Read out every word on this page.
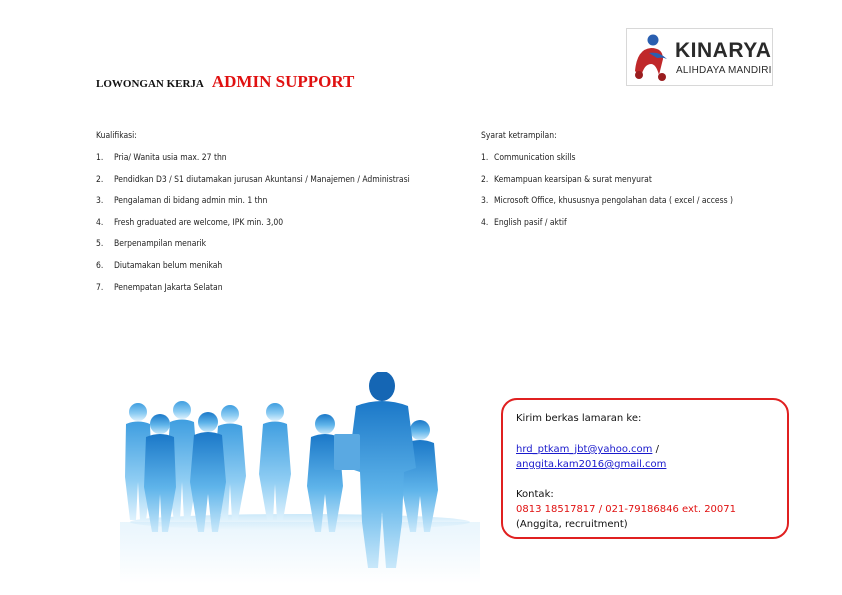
KINARYA
ALIHDAYA MANDIRI
LOWONGAN KERJA ADMIN SUPPORT
Kualifikasi:
1. Pria/ Wanita usia max. 27 thn
2. Pendidkan D3 / S1 diutamakan jurusan Akuntansi / Manajemen / Administrasi
3. Pengalaman di bidang admin min. 1 thn
4. Fresh graduated are welcome, IPK min. 3,00
5. Berpenampilan menarik
6. Diutamakan belum menikah
7. Penempatan Jakarta Selatan
Syarat ketrampilan:
1. Communication skills
2. Kemampuan kearsipan & surat menyurat
3. Microsoft Office, khususnya pengolahan data ( excel / access )
4. English pasif / aktif
Kirim berkas lamaran ke:
hrd_ptkam_jbt@yahoo.com /
anggita.kam2016@gmail.com
Kontak:
0813 18517817 / 021-79186846 ext. 20071
(Anggita, recruitment)
